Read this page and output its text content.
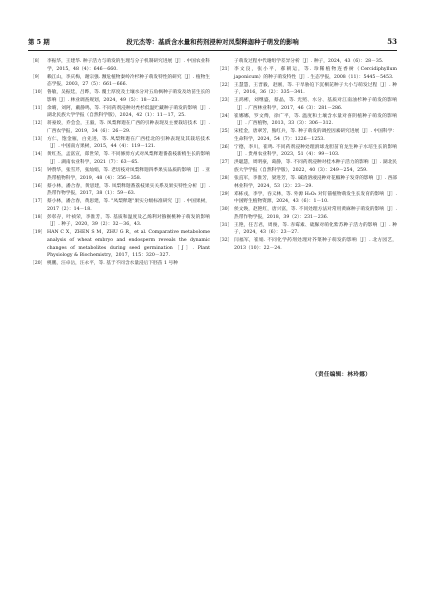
第 5 期	段元杰等：基质含水量和药剂浸种对凤梨释迦种子萌发的影响	53
［8］ 李振华，王建华. 种子活力与萌发的生理与分子机制研究进展［J］. 中国农业科学，2015，48（4）：646－660.
［9］ 赖江山，李庆梅，谢宗强. 濒危植物秦岭冷杉种子萌发特性的研究［J］. 植物生态学报，2003，27（5）：661－666.
［10］ 鲁敏，吴振廷，吕晔，等. 覆土厚度及土壤水分对五角枫种子萌发及幼苗生长的影响［J］. 林业调查规划，2024，49（5）：18－23.
［11］ 余晴，刘阿，戴静鸣，等. 不同药剂浸种对秃杉低温贮藏种子萌发的影响［J］. 湖北民族大学学报（自然科学版），2024，42（1）：11－17，25.
［12］ 蒋豪姣，乔会会，王毅，等. 凤梨释迦在广西的引种表现及主要栽培技术［J］. 广西农学报，2019，34（6）：26－29.
［13］ 方仁，饱金雁，白先进，等. 凤梨释迦在广西桂北的引种表现及其栽培技术［J］. 中国南方果树，2015，44（4）：119－121.
［14］ 黄红杰，孟富宣，郑世荣，等. 不同修剪方式对凤梨释迦番荔枝新梢生长的影响［J］. 湖南农业科学，2021（7）：63－65.
［15］ 钟赞华，张雪芹，张灿娟，等. 老切枝对凤梨释迦四季果实品质的影响［J］. 亚热带植物科学，2019，48（4）：356－358.
［16］ 蔡小林，潘合春，黄思建，等. 凤梨释迦番荔枝果实关系及果实特性分析［J］. 热带作物学报，2017，38（1）：59－63.
［17］ 蔡小林，潘合春，黄思建，等. "凤梨释迦"果实分级标准研究［J］. 中国果树，2017（2）：14－18.
［18］ 彭彰存，叶祯荣，李淮芳，等. 基质和温度及乙烯利对猕猴桃种子萌发的影响［J］. 种子，2020，39（2）：32－36，43.
［19］ HAN C X，ZHEN S M，ZHU G R，et al. Comparative metabolome analysis of wheat embryo and endosperm reveals the dynamic changes of metabolites during seed germination［J］. Plant Physiology & Biochemistry，2017，115：320－327.
［20］ 桃鹏，汪卓岳，汪永平，等. 基于不同含水量浸后下胚苗 1 号种
子萌发过程中代谢组学差异分析［J］. 种子，2024，43（6）：28－35.
［21］ 李文良，张小平，郝朝运，等. 珍稀植物连香树（Cercidiphyllum japonicum）的种子萌发特性［J］. 生态学报，2008（11）：5445－5453.
［22］ 王慧慧，王晋毅，赵刚，等. 干旱胁迫下沉桐芘种子大小与萌发过程［J］. 种子，2016，36（2）：335－341.
［23］ 王鸿彬，刘继盛，蔡晶，等. 光照、水分、基质对江南油杉种子萌发的影响［J］. 广西林业科学，2017，46（3）：281－286.
［24］ 崔娜娜，罗文傅，徐广平，等. 温度和土壤含水量对喜阴植种子萌发的影响［J］. 广西植物，2013，33（3）：306－312.
［25］ 宋桂金，唐翠芳，熊红兵，等. 种子萌发的调控因素研究进展［J］. 中国科学：生命科学，2024，54（7）：1226－1253.
［26］ 宁德，李川，崔鸣. 不同药剂浸种处理滑球龙胆苗育龙生种子水培生长的影响［J］. 贵州农业科学，2023，51（4）：99－103.
［27］ 洪聪慧，周明豪，葛静，等. 不同药剂浸种对桂木种子活力的影响［J］. 湖北民族大学学报（自然科学版），2022，40（3）：249－254，259.
［28］ 张直军，李淮芳，梁进芳，等. 碱渣溶液浸种对花椒种子发芽的影响［J］. 西部林业科学，2024，53（2）：23－29.
［29］ 邓栋戎，李学，吞义林，等. 外源 H₂O₂ 对钉锚植物萌发生长发育的影响［J］. 中国野生植物资源，2024，43（6）：1－10.
［30］ 侯文焕，赵艳红，唐兴富，等. 不同处理方法对常用黄麻种子萌发的影响［J］. 热带作物学报，2018，39（2）：231－236.
［31］ 王艳，任吉君，周俊，等. 赤霉素、硫脲对萌化紫苏种子活力的影响［J］. 种子，2024，43（6）：23－27.
［32］ 闫福军，崔娟. 不同化学药剂处理对芥菜种子萌发的影响［J］. 北方园艺，2013（10）：22－24.
（责任编辑：林玲娜）
